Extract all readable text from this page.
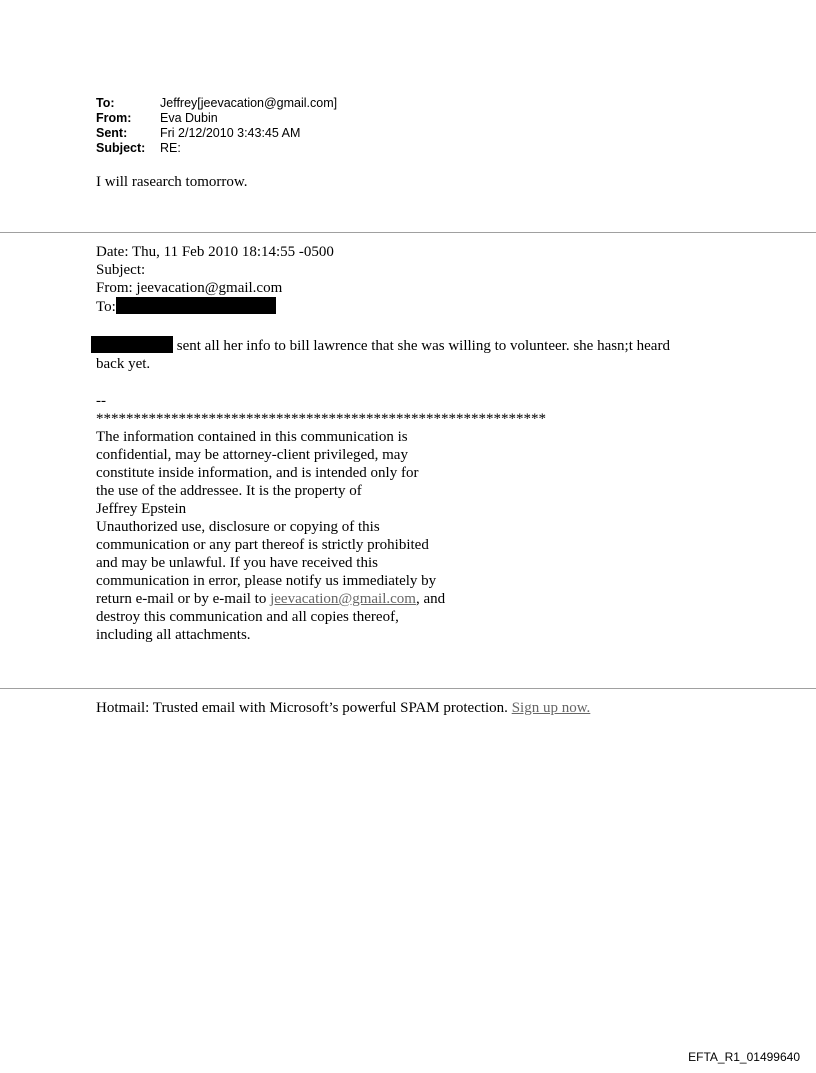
To:	Jeffrey[jeevacation@gmail.com]
From:	Eva Dubin
Sent:	Fri 2/12/2010 3:43:45 AM
Subject:	RE:
I will rasearch tomorrow.
Date: Thu, 11 Feb 2010 18:14:55 -0500
Subject:
From: jeevacation@gmail.com
To:
sent all her info to bill lawrence that she was willing to volunteer. she hasn;t heard
back yet.
--
************************************************************
The information contained in this communication is
confidential, may be attorney-client privileged, may
constitute inside information, and is intended only for
the use of the addressee. It is the property of
Jeffrey Epstein
Unauthorized use, disclosure or copying of this
communication or any part thereof is strictly prohibited
and may be unlawful. If you have received this
communication in error, please notify us immediately by
return e-mail or by e-mail to jeevacation@gmail.com, and
destroy this communication and all copies thereof,
including all attachments.
Hotmail: Trusted email with Microsoft’s powerful SPAM protection. Sign up now.
EFTA_R1_01499640
